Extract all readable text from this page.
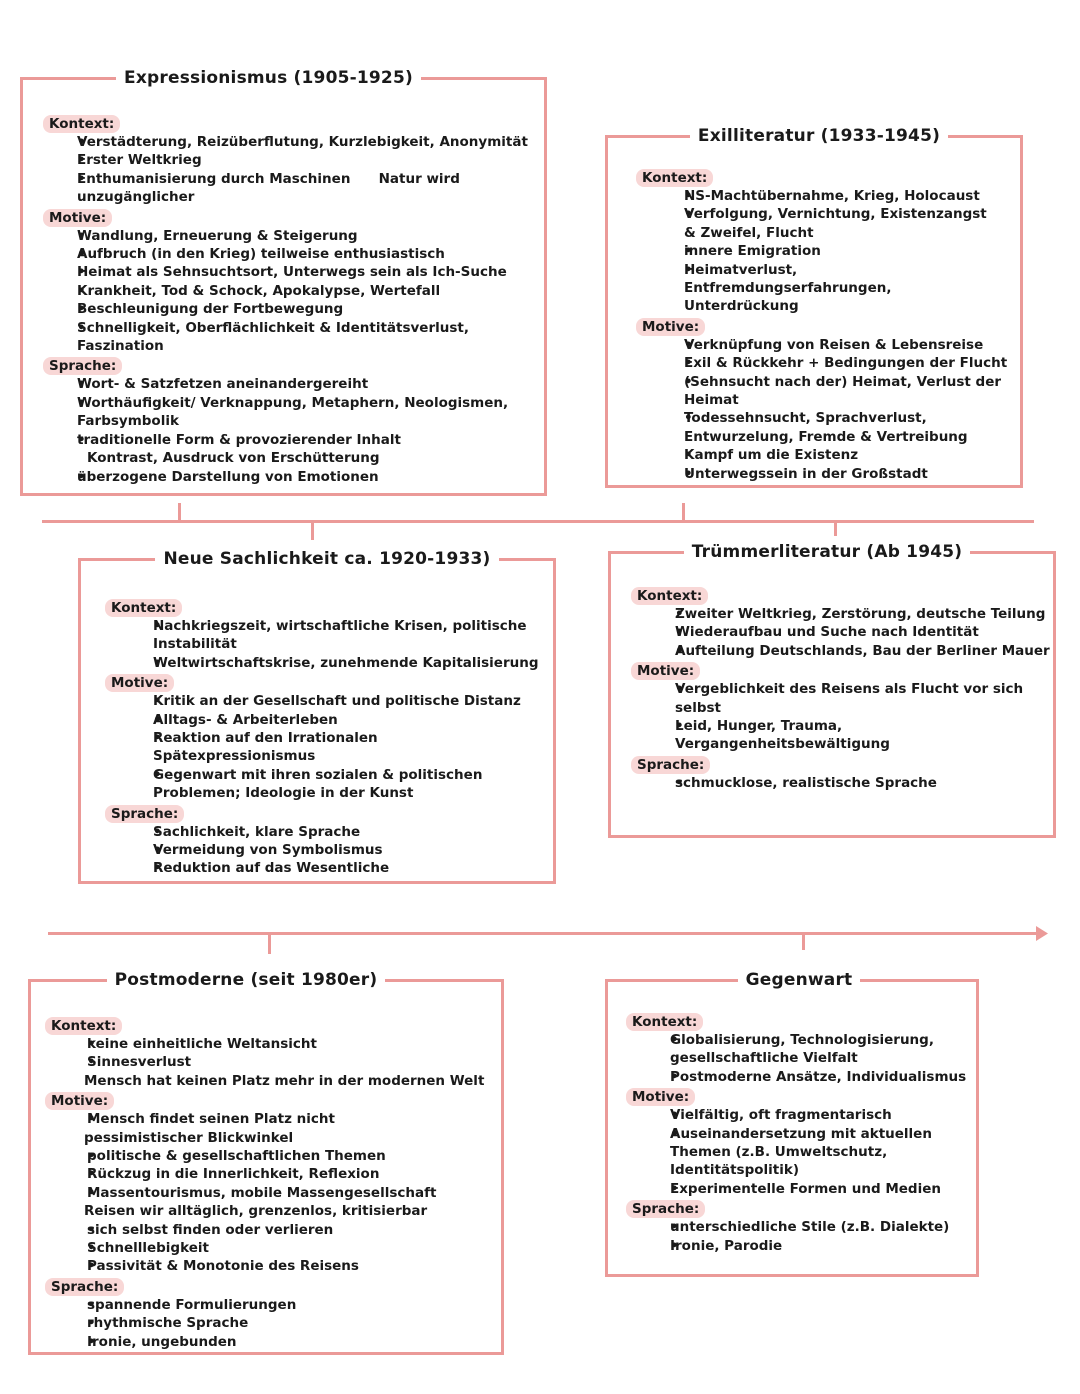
Expressionismus (1905-1925)
Kontext:
• Verstädterung, Reizüberflutung, Kurzlebigkeit, Anonymität
• Erster Weltkrieg
• Enthumanisierung durch Maschinen      Natur wird
unzugänglicher
Motive:
• Wandlung, Erneuerung & Steigerung
• Aufbruch (in den Krieg) teilweise enthusiastisch
• Heimat als Sehnsuchtsort, Unterwegs sein als Ich-Suche
• Krankheit, Tod & Schock, Apokalypse, Wertefall
• Beschleunigung der Fortbewegung
• Schnelligkeit, Oberflächlichkeit & Identitätsverlust,
Faszination
Sprache:
• Wort- & Satzfetzen aneinandergereiht
• Worthäufigkeit/ Verknappung, Metaphern, Neologismen,
Farbsymbolik
• traditionelle Form & provozierender Inhalt
Kontrast, Ausdruck von Erschütterung
• überzogene Darstellung von Emotionen
Exilliteratur (1933-1945)
Kontext:
• NS-Machtübernahme, Krieg, Holocaust
• Verfolgung, Vernichtung, Existenzangst
& Zweifel, Flucht
• innere Emigration
• Heimatverlust,
Entfremdungserfahrungen,
Unterdrückung
Motive:
• Verknüpfung von Reisen & Lebensreise
• Exil & Rückkehr + Bedingungen der Flucht
• (Sehnsucht nach der) Heimat, Verlust der
Heimat
• Todessehnsucht, Sprachverlust,
Entwurzelung, Fremde & Vertreibung
• Kampf um die Existenz
• Unterwegssein in der Großstadt
Neue Sachlichkeit ca. 1920-1933)
Kontext:
• Nachkriegszeit, wirtschaftliche Krisen, politische
Instabilität
• Weltwirtschaftskrise, zunehmende Kapitalisierung
Motive:
• Kritik an der Gesellschaft und politische Distanz
• Alltags- & Arbeiterleben
• Reaktion auf den Irrationalen
Spätexpressionismus
• Gegenwart mit ihren sozialen & politischen
Problemen; Ideologie in der Kunst
Sprache:
• Sachlichkeit, klare Sprache
• Vermeidung von Symbolismus
• Reduktion auf das Wesentliche
Trümmerliteratur (Ab 1945)
Kontext:
• Zweiter Weltkrieg, Zerstörung, deutsche Teilung
• Wiederaufbau und Suche nach Identität
• Aufteilung Deutschlands, Bau der Berliner Mauer
Motive:
• Vergeblichkeit des Reisens als Flucht vor sich
selbst
• Leid, Hunger, Trauma,
Vergangenheitsbewältigung
Sprache:
• schmucklose, realistische Sprache
Postmoderne (seit 1980er)
Kontext:
• keine einheitliche Weltansicht
• Sinnesverlust
Mensch hat keinen Platz mehr in der modernen Welt
Motive:
• Mensch findet seinen Platz nicht
pessimistischer Blickwinkel
• politische & gesellschaftlichen Themen
• Rückzug in die Innerlichkeit, Reflexion
• Massentourismus, mobile Massengesellschaft
Reisen wir alltäglich, grenzenlos, kritisierbar
• sich selbst finden oder verlieren
• Schnelllebigkeit
• Passivität & Monotonie des Reisens
Sprache:
• spannende Formulierungen
• rhythmische Sprache
• Ironie, ungebunden
Gegenwart
Kontext:
• Globalisierung, Technologisierung,
gesellschaftliche Vielfalt
• Postmoderne Ansätze, Individualismus
Motive:
• Vielfältig, oft fragmentarisch
• Auseinandersetzung mit aktuellen
Themen (z.B. Umweltschutz,
Identitätspolitik)
• Experimentelle Formen und Medien
Sprache:
• unterschiedliche Stile (z.B. Dialekte)
• Ironie, Parodie
